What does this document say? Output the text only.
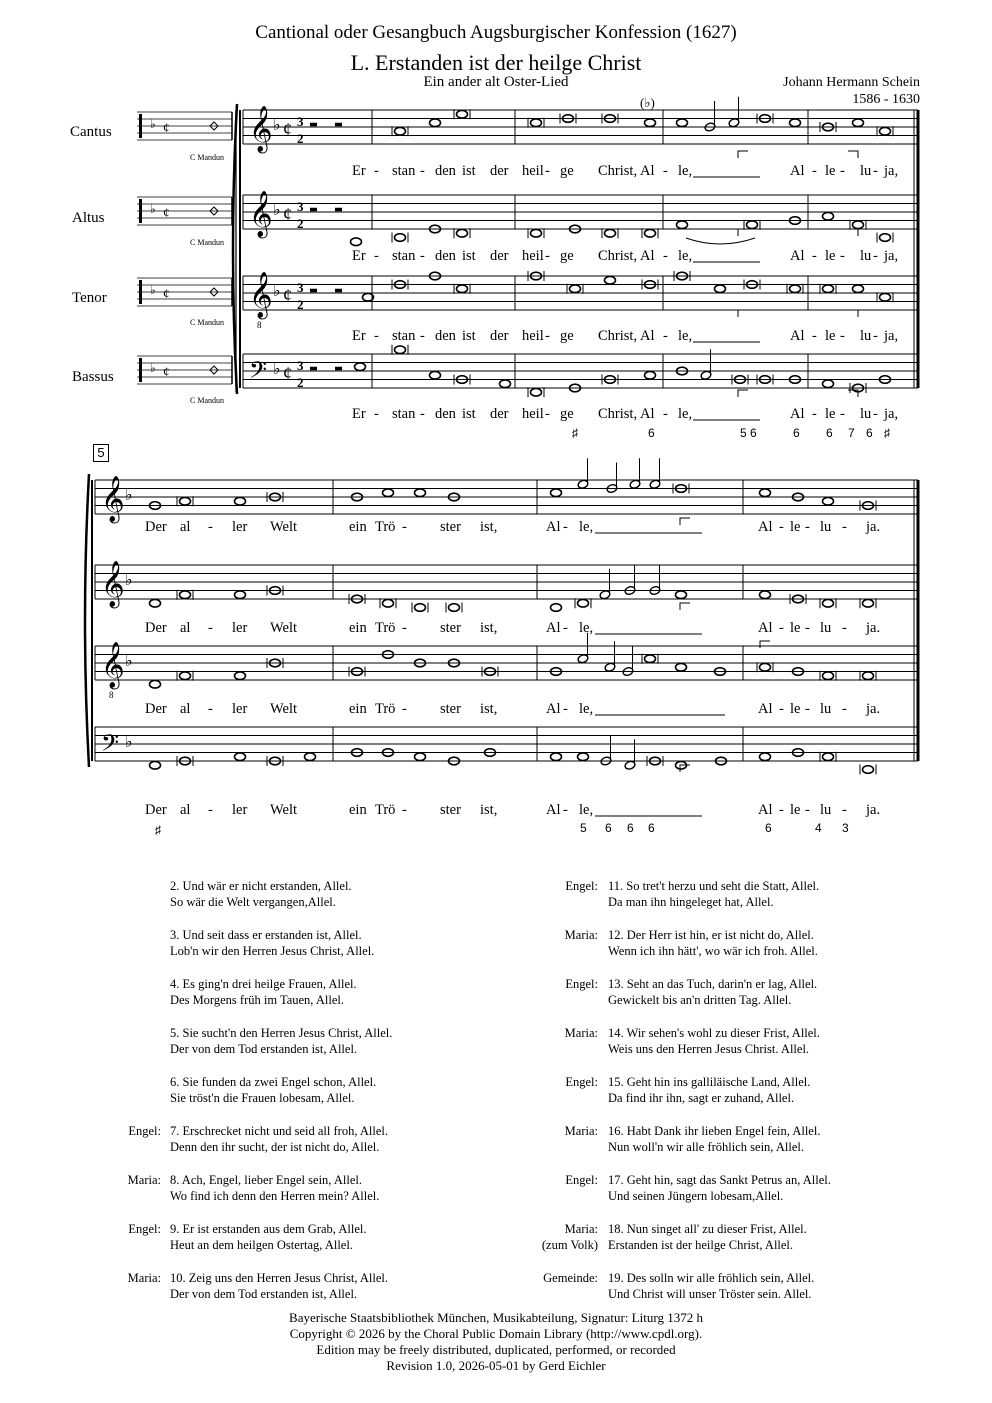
Cantional oder Gesangbuch Augsburgischer Konfession (1627)
L. Erstanden ist der heilge Christ
Ein ander alt Oster-Lied	Johann Hermann Schein
1586 - 1630
Cantus
Altus
Tenor
Bassus
5
♭ ¢
♭ ¢
♭ ¢
♭ ¢
𝄞 ♭ ¢ 3
2
𝄞 ♭ ¢ 3
2
𝄞
8
♭ ¢ 3
2
𝄢 ♭ ¢ 3
2
𝄞 ♭
𝄞 ♭
𝄞
8
♭
𝄢 ♭
(♭)
C Mandun
C Mandun
C Mandun
C Mandun
Er - stan - den ist der heil - ge Christ, Al - le,	Al - le - lu - ja,
Er - stan - den ist der heil - ge Christ, Al - le,	Al - le - lu - ja,
Er - stan - den ist der heil - ge Christ, Al - le,	Al - le - lu - ja,
Er - stan - den ist der heil - ge Christ, Al - le,	Al - le - lu - ja,
Der al - ler Welt	ein Trö - ster ist,	Al - le,	Al - le - lu - ja.
Der al - ler Welt	ein Trö - ster ist,	Al - le,	Al - le - lu - ja.
Der al - ler Welt	ein Trö - ster ist,	Al - le,	Al - le - lu - ja.
Der al - ler Welt	ein Trö - ster ist,	Al - le,	Al - le - lu - ja.
♯	6	5 6	6 6 7 6 ♯
♯	5 6 6 6	6	4 3
2. Und wär er nicht erstanden, Allel.
So wär die Welt vergangen,Allel.
3. Und seit dass er erstanden ist, Allel.
Lob'n wir den Herren Jesus Christ, Allel.
4. Es ging'n drei heilge Frauen, Allel.
Des Morgens früh im Tauen, Allel.
5. Sie sucht'n den Herren Jesus Christ, Allel.
Der von dem Tod erstanden ist, Allel.
6. Sie funden da zwei Engel schon, Allel.
Sie tröst'n die Frauen lobesam, Allel.
Engel: 7. Erschrecket nicht und seid all froh, Allel.
Denn den ihr sucht, der ist nicht do, Allel.
Maria: 8. Ach, Engel, lieber Engel sein, Allel.
Wo find ich denn den Herren mein? Allel.
Engel: 9. Er ist erstanden aus dem Grab, Allel.
Heut an dem heilgen Ostertag, Allel.
Maria: 10. Zeig uns den Herren Jesus Christ, Allel.
Der von dem Tod erstanden ist, Allel.
Engel: 11. So tret't herzu und seht die Statt, Allel.
Da man ihn hingeleget hat, Allel.
Maria: 12. Der Herr ist hin, er ist nicht do, Allel.
Wenn ich ihn hätt', wo wär ich froh. Allel.
Engel: 13. Seht an das Tuch, darin'n er lag, Allel.
Gewickelt bis an'n dritten Tag. Allel.
Maria: 14. Wir sehen's wohl zu dieser Frist, Allel.
Weis uns den Herren Jesus Christ. Allel.
Engel: 15. Geht hin ins galliläische Land, Allel.
Da find ihr ihn, sagt er zuhand, Allel.
Maria: 16. Habt Dank ihr lieben Engel fein, Allel.
Nun woll'n wir alle fröhlich sein, Allel.
Engel: 17. Geht hin, sagt das Sankt Petrus an, Allel.
Und seinen Jüngern lobesam,Allel.
Maria:
(zum Volk)
18. Nun singet all' zu dieser Frist, Allel.
Erstanden ist der heilge Christ, Allel.
Gemeinde: 19. Des solln wir alle fröhlich sein, Allel.
Und Christ will unser Tröster sein. Allel.
Bayerische Staatsbibliothek München, Musikabteilung, Signatur: Liturg 1372 h
Copyright © 2026 by the Choral Public Domain Library (http://www.cpdl.org).
Edition may be freely distributed, duplicated, performed, or recorded
Revision 1.0, 2026-05-01 by Gerd Eichler
